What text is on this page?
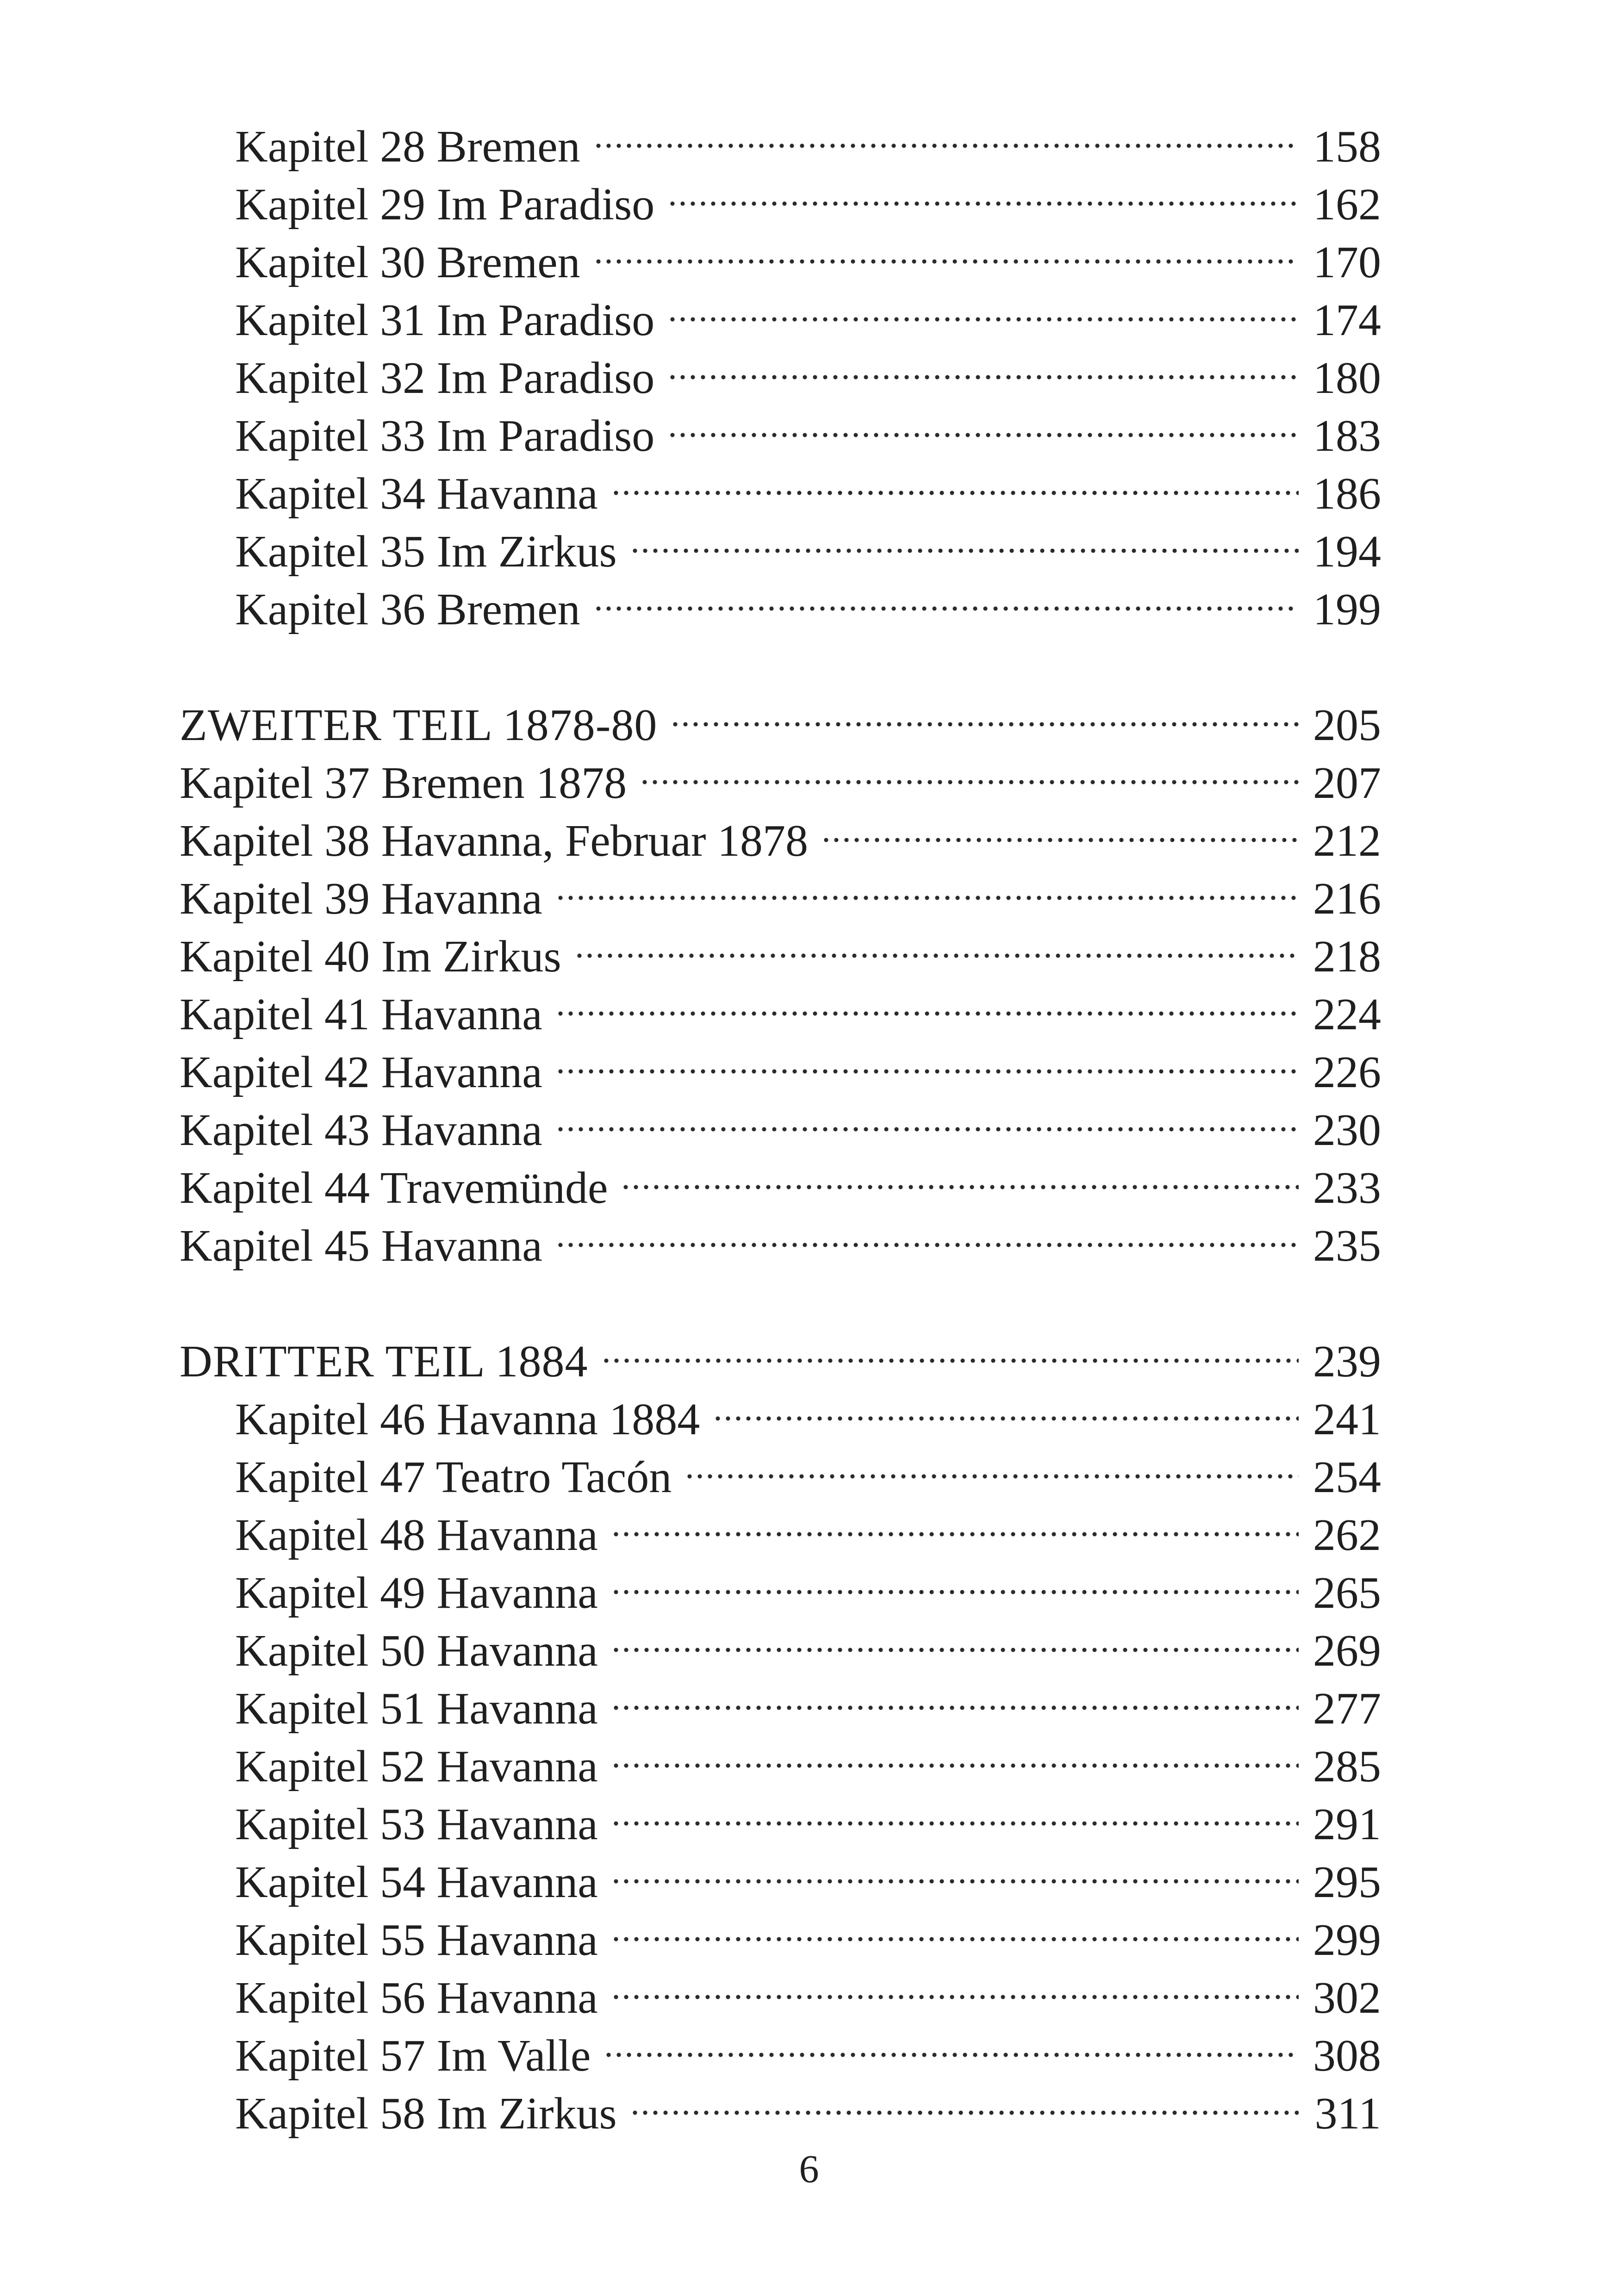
Kapitel 28 Bremen	158
Kapitel 29 Im Paradiso	162
Kapitel 30 Bremen	170
Kapitel 31 Im Paradiso	174
Kapitel 32 Im Paradiso	180
Kapitel 33 Im Paradiso	183
Kapitel 34 Havanna	186
Kapitel 35 Im Zirkus	194
Kapitel 36 Bremen	199
ZWEITER TEIL 1878-80	205
Kapitel 37 Bremen 1878	207
Kapitel 38 Havanna, Februar 1878	212
Kapitel 39 Havanna	216
Kapitel 40 Im Zirkus	218
Kapitel 41 Havanna	224
Kapitel 42 Havanna	226
Kapitel 43 Havanna	230
Kapitel 44 Travemünde	233
Kapitel 45 Havanna	235
DRITTER TEIL 1884	239
Kapitel 46 Havanna 1884	241
Kapitel 47 Teatro Tacón	254
Kapitel 48 Havanna	262
Kapitel 49 Havanna	265
Kapitel 50 Havanna	269
Kapitel 51 Havanna	277
Kapitel 52 Havanna	285
Kapitel 53 Havanna	291
Kapitel 54 Havanna	295
Kapitel 55 Havanna	299
Kapitel 56 Havanna	302
Kapitel 57 Im Valle	308
Kapitel 58 Im Zirkus	311
6
